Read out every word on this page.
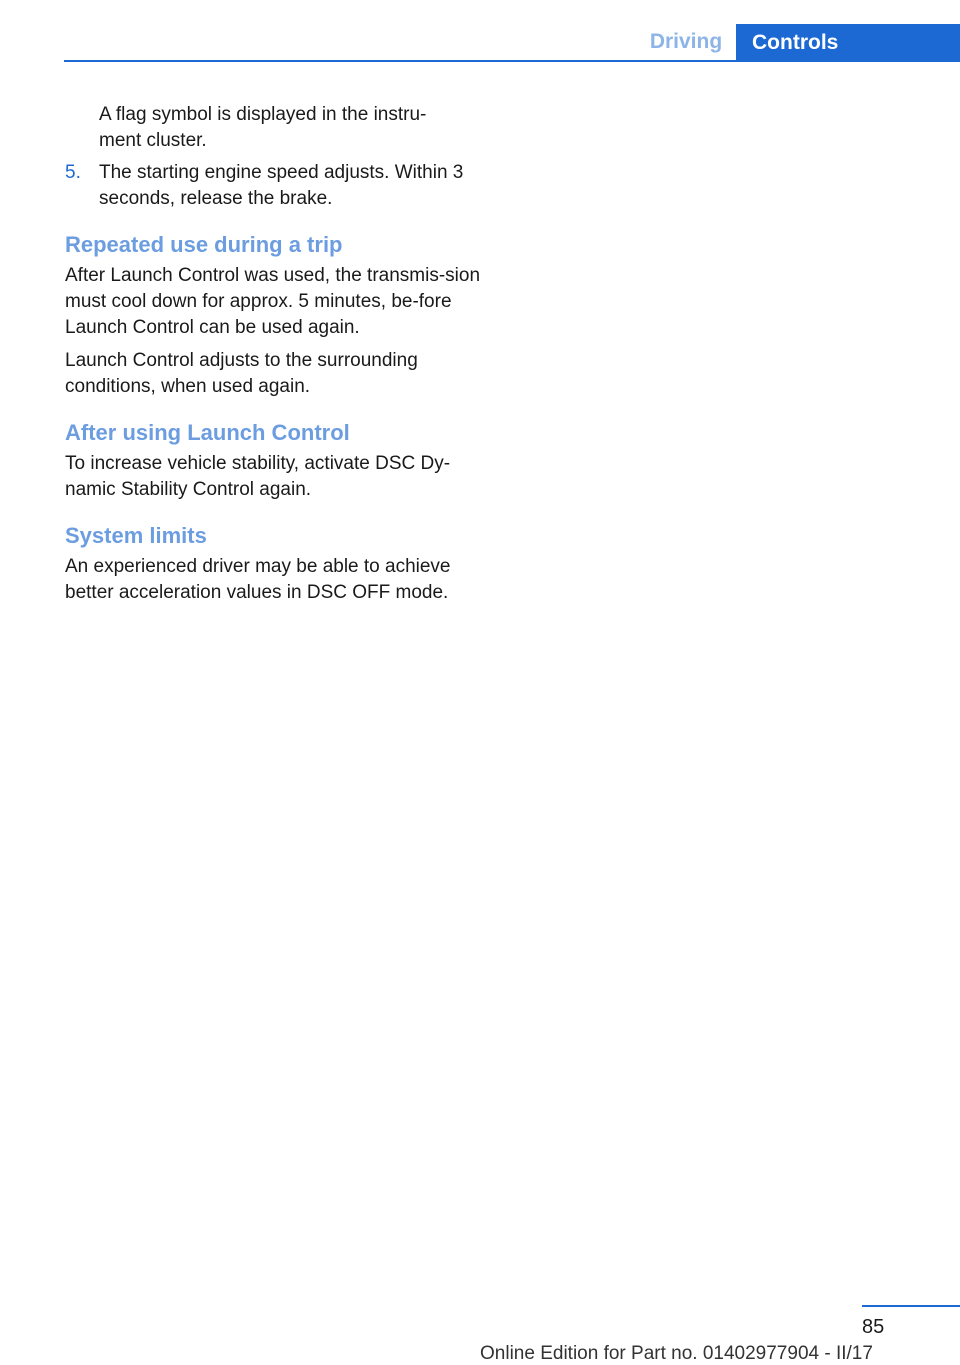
Driving	Controls

A flag symbol is displayed in the instru-
ment cluster.

5. The starting engine speed adjusts. Within 3 seconds, release the brake.
Repeated use during a trip

After Launch Control was used, the transmis-sion must cool down for approx. 5 minutes, be-fore Launch Control can be used again.

Launch Control adjusts to the surrounding conditions, when used again.

After using Launch Control

To increase vehicle stability, activate DSC Dy-namic Stability Control again.

System limits

An experienced driver may be able to achieve better acceleration values in DSC OFF mode.

85
Online Edition for Part no. 01402977904 - II/17
